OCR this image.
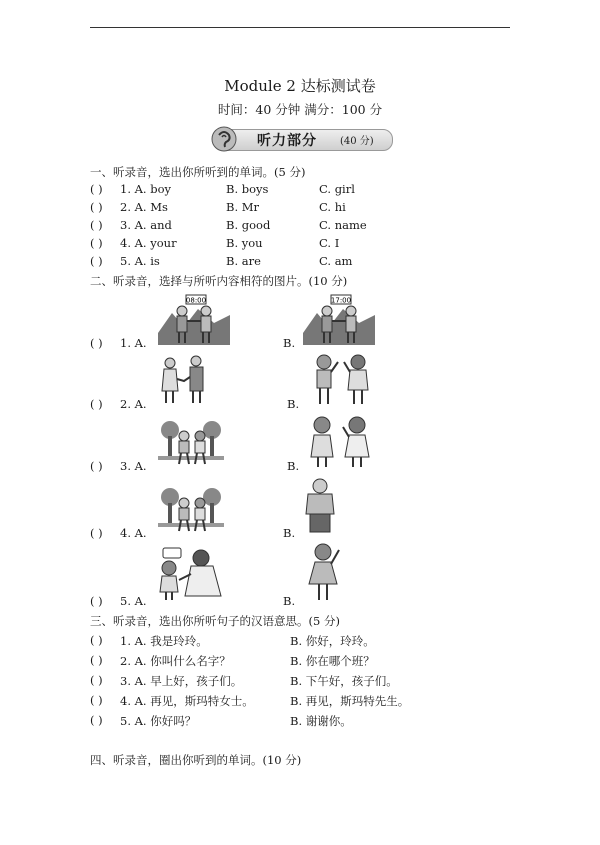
Module 2 达标测试卷
时间：40 分钟 满分：100 分
听力部分 (40 分)
一、听录音，选出你所听到的单词。(5 分)
( ) 1. A. boy	B. boys	C. girl
( ) 2. A. Ms	B. Mr	C. hi
( ) 3. A. and	B. good	C. name
( ) 4. A. your	B. you	C. I
( ) 5. A. is	B. are	C. am
二、听录音，选择与所听内容相符的图片。(10 分)
08:00	17:00
( ) 1. A.	B.
( ) 2. A.	B.
( ) 3. A.	B.
( ) 4. A.	B.
( ) 5. A.	B.
三、听录音，选出你所听句子的汉语意思。(5 分)
( ) 1. A. 我是玲玲。	B. 你好，玲玲。
( ) 2. A. 你叫什么名字？	B. 你在哪个班？
( ) 3. A. 早上好，孩子们。	B. 下午好，孩子们。
( ) 4. A. 再见，斯玛特女士。	B. 再见，斯玛特先生。
( ) 5. A. 你好吗？	B. 谢谢你。
四、听录音，圈出你听到的单词。(10 分)
